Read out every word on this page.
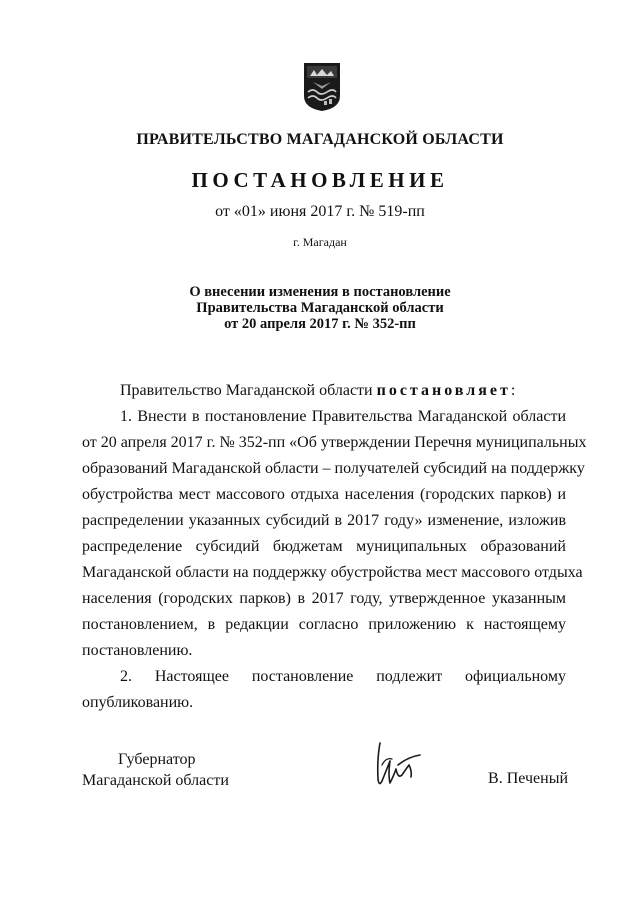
ПРАВИТЕЛЬСТВО МАГАДАНСКОЙ ОБЛАСТИ
ПОСТАНОВЛЕНИЕ
от «01» июня 2017 г. № 519-пп
г. Магадан
О внесении изменения в постановление
Правительства Магаданской области
от 20 апреля 2017 г. № 352-пп
Правительство Магаданской области постановляет:
1. Внести в постановление Правительства Магаданской области
от 20 апреля 2017 г. № 352-пп «Об утверждении Перечня муниципальных
образований Магаданской области – получателей субсидий на поддержку
обустройства мест массового отдыха населения (городских парков) и
распределении указанных субсидий в 2017 году» изменение, изложив
распределение субсидий бюджетам муниципальных образований
Магаданской области на поддержку обустройства мест массового отдыха
населения (городских парков) в 2017 году, утвержденное указанным
постановлением, в редакции согласно приложению к настоящему
постановлению.
2. Настоящее постановление подлежит официальному
опубликованию.
Губернатор
Магаданской области	В. Печеный
